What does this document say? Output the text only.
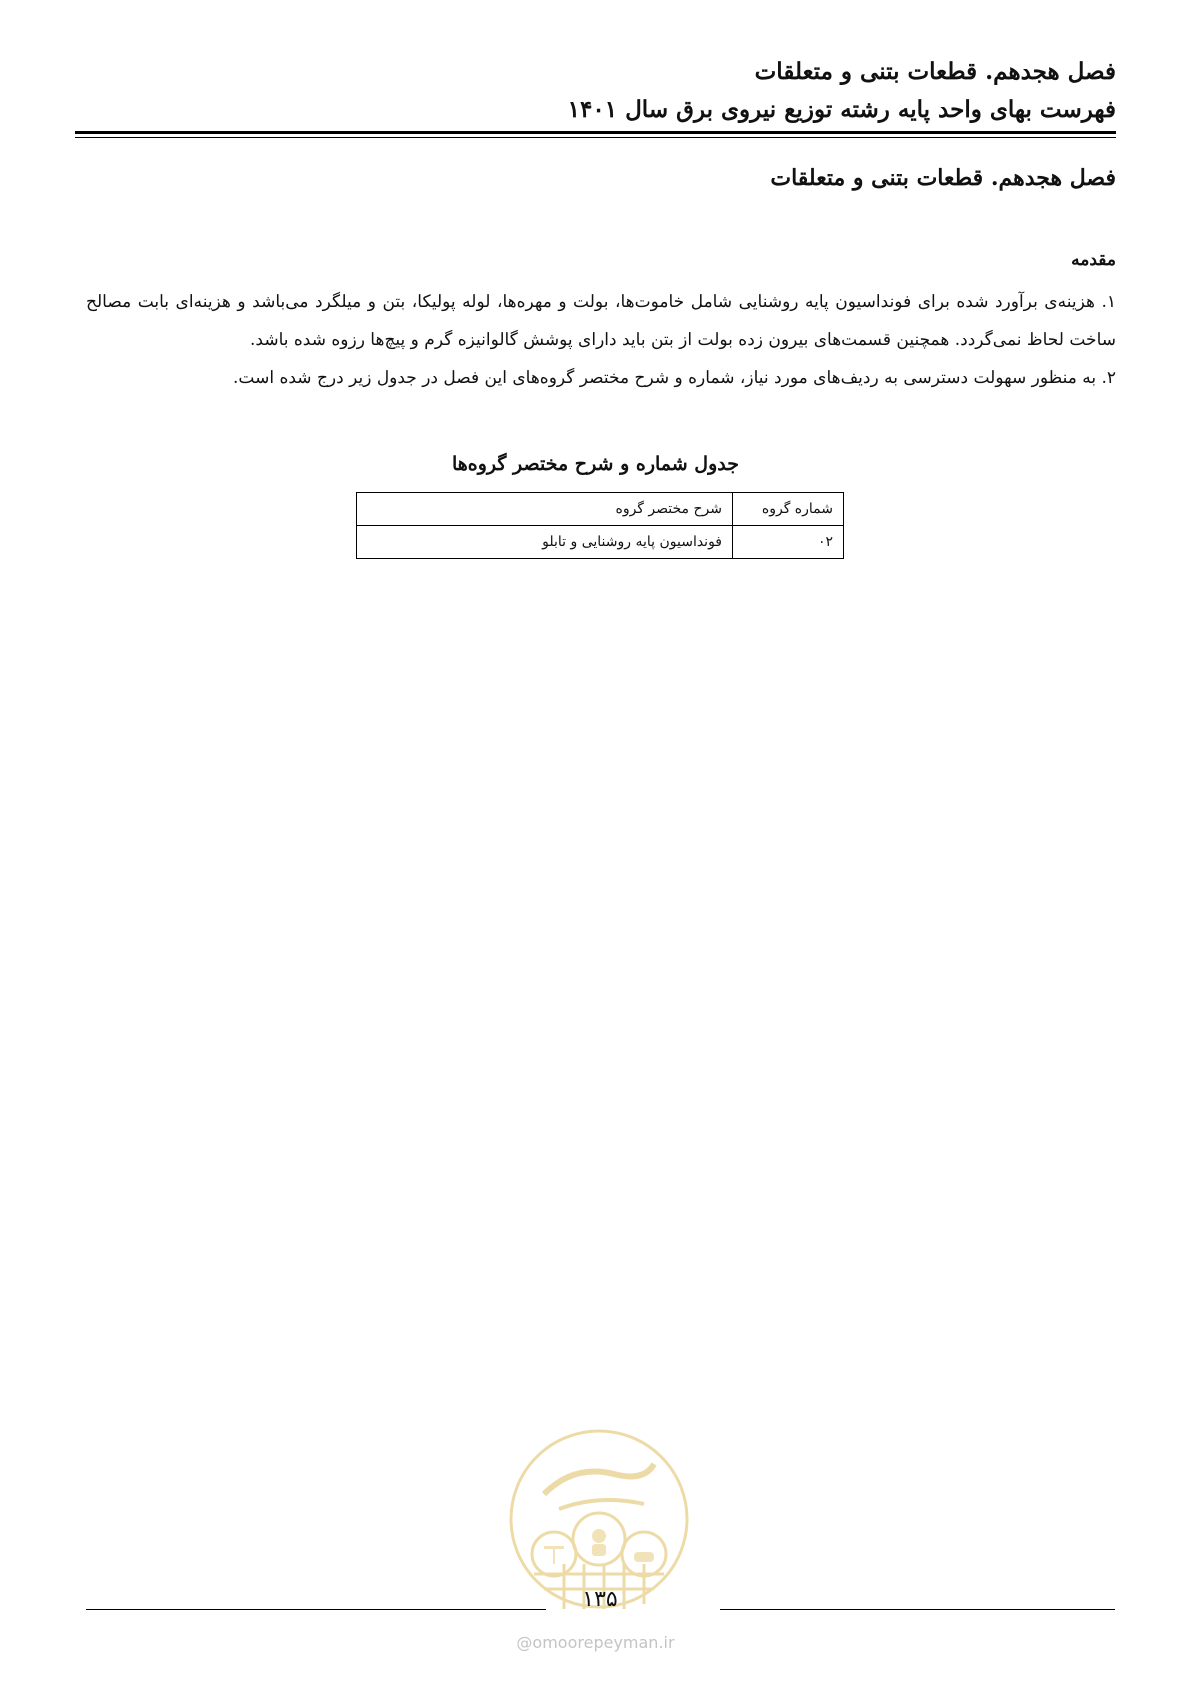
فصل هجدهم. قطعات بتنی و متعلقات
فهرست بهای واحد پایه رشته توزیع نیروی برق سال ۱۴۰۱
فصل هجدهم. قطعات بتنی و متعلقات
مقدمه
۱. هزینه‌ی برآورد شده برای فونداسیون پایه روشنایی شامل خاموت‌ها، بولت و مهره‌ها، لوله پولیکا، بتن و میلگرد می‌باشد و هزینه‌ای بابت مصالح ساخت لحاظ نمی‌گردد. همچنین قسمت‌های بیرون زده بولت از بتن باید دارای پوشش گالوانیزه گرم و پیچ‌ها رزوه شده باشد.
۲. به منظور سهولت دسترسی به ردیف‌های مورد نیاز، شماره و شرح مختصر گروه‌های این فصل در جدول زیر درج شده است.
جدول شماره و شرح مختصر گروه‌ها
شماره گروه	شرح مختصر گروه
۰۲	فونداسیون پایه روشنایی و تابلو
۱۳۵
@omoorepeyman.ir
